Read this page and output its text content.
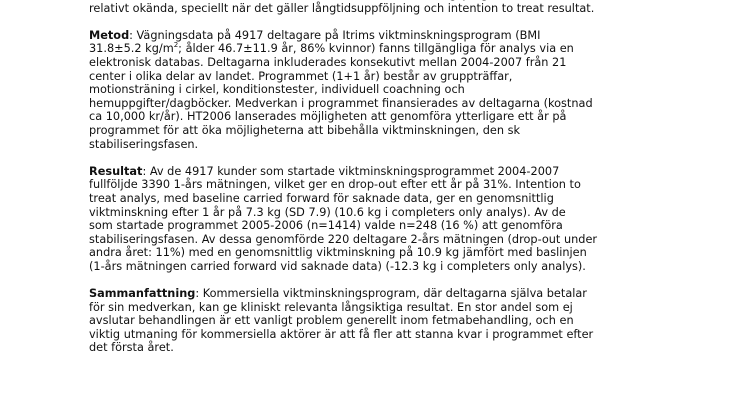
relativt okända, speciellt när det gäller långtidsuppföljning och intention to treat resultat.
Metod: Vägningsdata på 4917 deltagare på Itrims viktminskningsprogram (BMI
31.8±5.2 $kg/m^2$; ålder 46.7±11.9 år, 86% kvinnor) fanns tillgängliga för analys via en
elektronisk databas. Deltagarna inkluderades konsekutivt mellan 2004-2007 från 21
center i olika delar av landet. Programmet (1+1 år) består av gruppträffar,
motionsträning i cirkel, konditionstester, individuell coachning och
hemuppgifter/dagböcker. Medverkan i programmet finansierades av deltagarna (kostnad
ca 10,000 kr/år). HT2006 lanserades möjligheten att genomföra ytterligare ett år på
programmet för att öka möjligheterna att bibehålla viktminskningen, den sk
stabiliseringsfasen.
Resultat: Av de 4917 kunder som startade viktminskningsprogrammet 2004-2007
fullföljde 3390 1-års mätningen, vilket ger en drop-out efter ett år på 31%. Intention to
treat analys, med baseline carried forward för saknade data, ger en genomsnittlig
viktminskning efter 1 år på 7.3 kg (SD 7.9) (10.6 kg i completers only analys). Av de
som startade programmet 2005-2006 (n=1414) valde n=248 (16 %) att genomföra
stabiliseringsfasen. Av dessa genomförde 220 deltagare 2-års mätningen (drop-out under
andra året: 11%) med en genomsnittlig viktminskning på 10.9 kg jämfört med baslinjen
(1-års mätningen carried forward vid saknade data) (-12.3 kg i completers only analys).
Sammanfattning: Kommersiella viktminskningsprogram, där deltagarna själva betalar
för sin medverkan, kan ge kliniskt relevanta långsiktiga resultat. En stor andel som ej
avslutar behandlingen är ett vanligt problem generellt inom fetmabehandling, och en
viktig utmaning för kommersiella aktörer är att få fler att stanna kvar i programmet efter
det första året.
